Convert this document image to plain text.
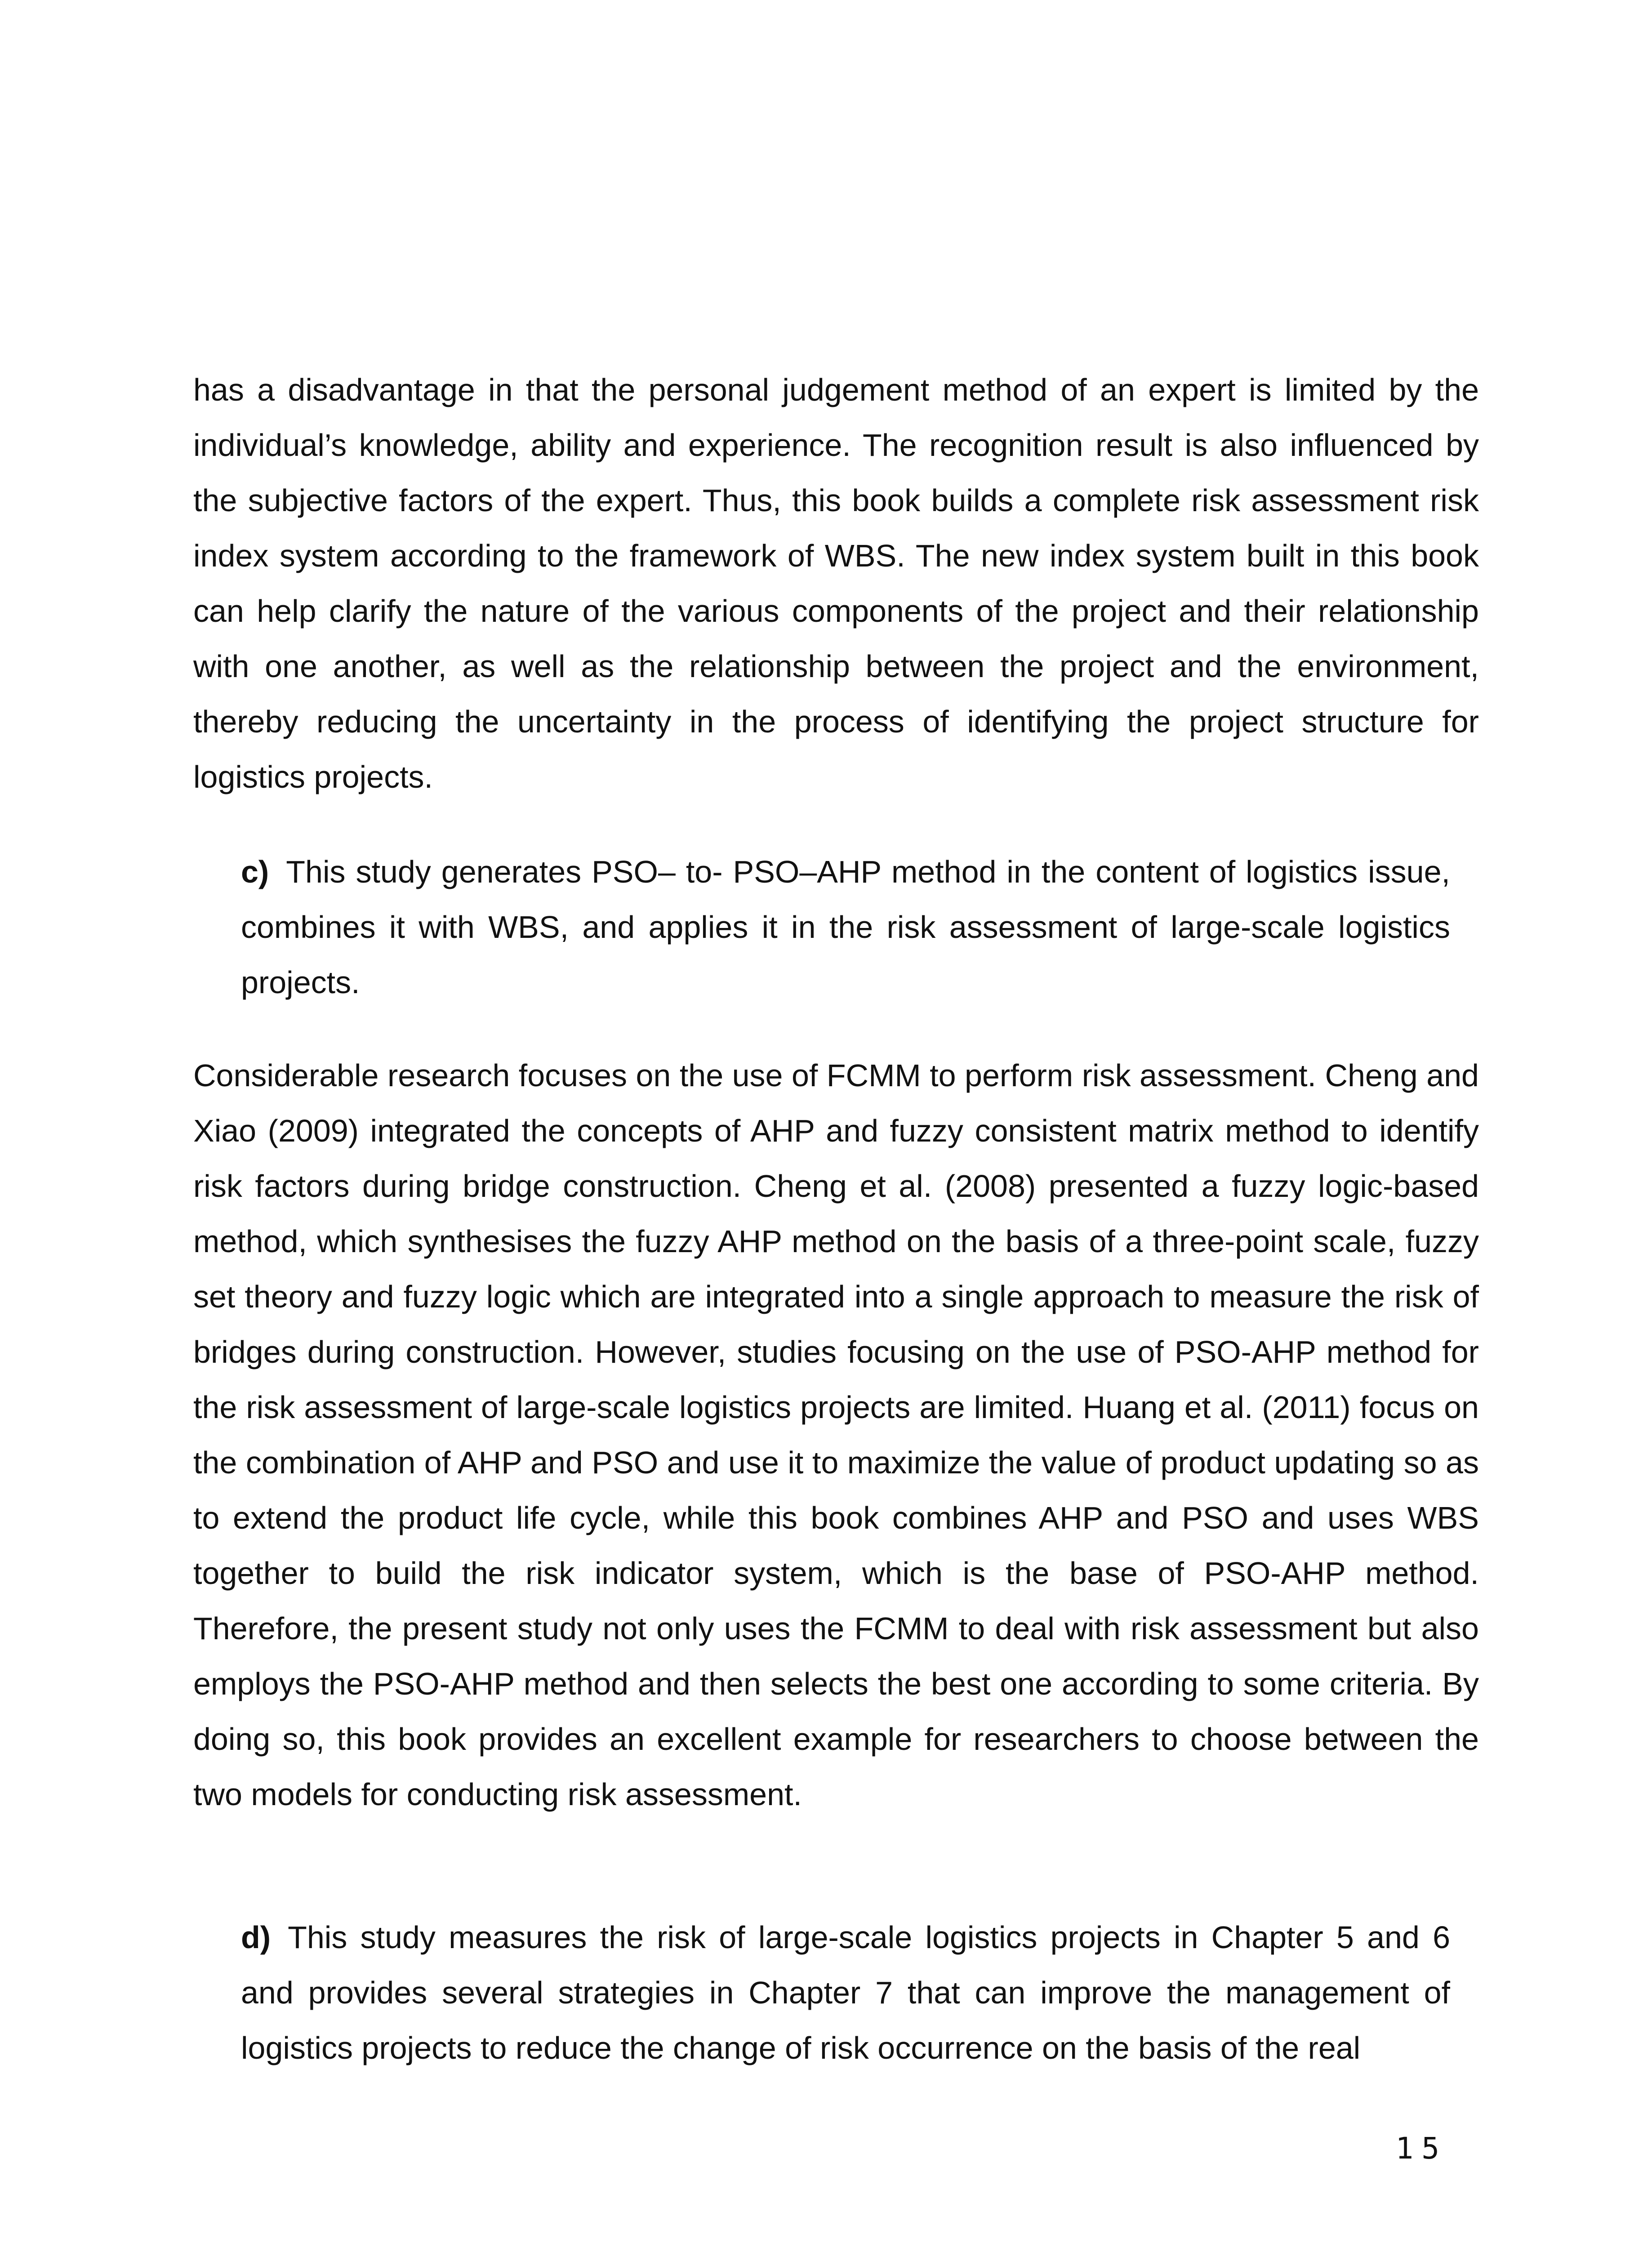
has a disadvantage in that the personal judgement method of an expert is limited by the individual’s knowledge, ability and experience. The recognition result is also influenced by the subjective factors of the expert. Thus, this book builds a complete risk assessment risk index system according to the framework of WBS. The new index system built in this book can help clarify the nature of the various components of the project and their relationship with one another, as well as the relationship between the project and the environment, thereby reducing the uncertainty in the process of identifying the project structure for logistics projects.

c) This study generates PSO– to- PSO–AHP method in the content of logistics issue, combines it with WBS, and applies it in the risk assessment of large-scale logistics projects.

Considerable research focuses on the use of FCMM to perform risk assessment. Cheng and Xiao (2009) integrated the concepts of AHP and fuzzy consistent matrix method to identify risk factors during bridge construction. Cheng et al. (2008) presented a fuzzy logic-based method, which synthesises the fuzzy AHP method on the basis of a three-point scale, fuzzy set theory and fuzzy logic which are integrated into a single approach to measure the risk of bridges during construction. However, studies focusing on the use of PSO-AHP method for the risk assessment of large-scale logistics projects are limited. Huang et al. (2011) focus on the combination of AHP and PSO and use it to maximize the value of product updating so as to extend the product life cycle, while this book combines AHP and PSO and uses WBS together to build the risk indicator system, which is the base of PSO-AHP method. Therefore, the present study not only uses the FCMM to deal with risk assessment but also employs the PSO-AHP method and then selects the best one according to some criteria. By doing so, this book provides an excellent example for researchers to choose between the two models for conducting risk assessment.

d) This study measures the risk of large-scale logistics projects in Chapter 5 and 6 and provides several strategies in Chapter 7 that can improve the management of logistics projects to reduce the change of risk occurrence on the basis of the real

15
